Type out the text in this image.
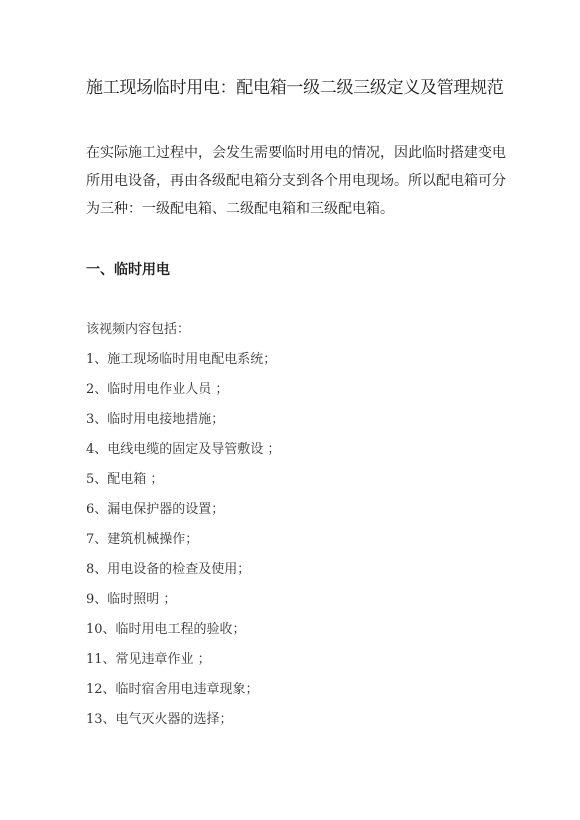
施工现场临时用电：配电箱一级二级三级定义及管理规范

在实际施工过程中，会发生需要临时用电的情况，因此临时搭建变电

所用电设备，再由各级配电箱分支到各个用电现场。所以配电箱可分

为三种：一级配电箱、二级配电箱和三级配电箱。

一、临时用电
该视频内容包括：
1、施工现场临时用电配电系统；
2、临时用电作业人员 ；
3、临时用电接地措施；
4、电线电缆的固定及导管敷设 ；
5、配电箱 ；
6、漏电保护器的设置；
7、建筑机械操作；
8、用电设备的检查及使用；
9、临时照明 ；
10、临时用电工程的验收；
11、常见违章作业 ；
12、临时宿舍用电违章现象；
13、电气灭火器的选择；
